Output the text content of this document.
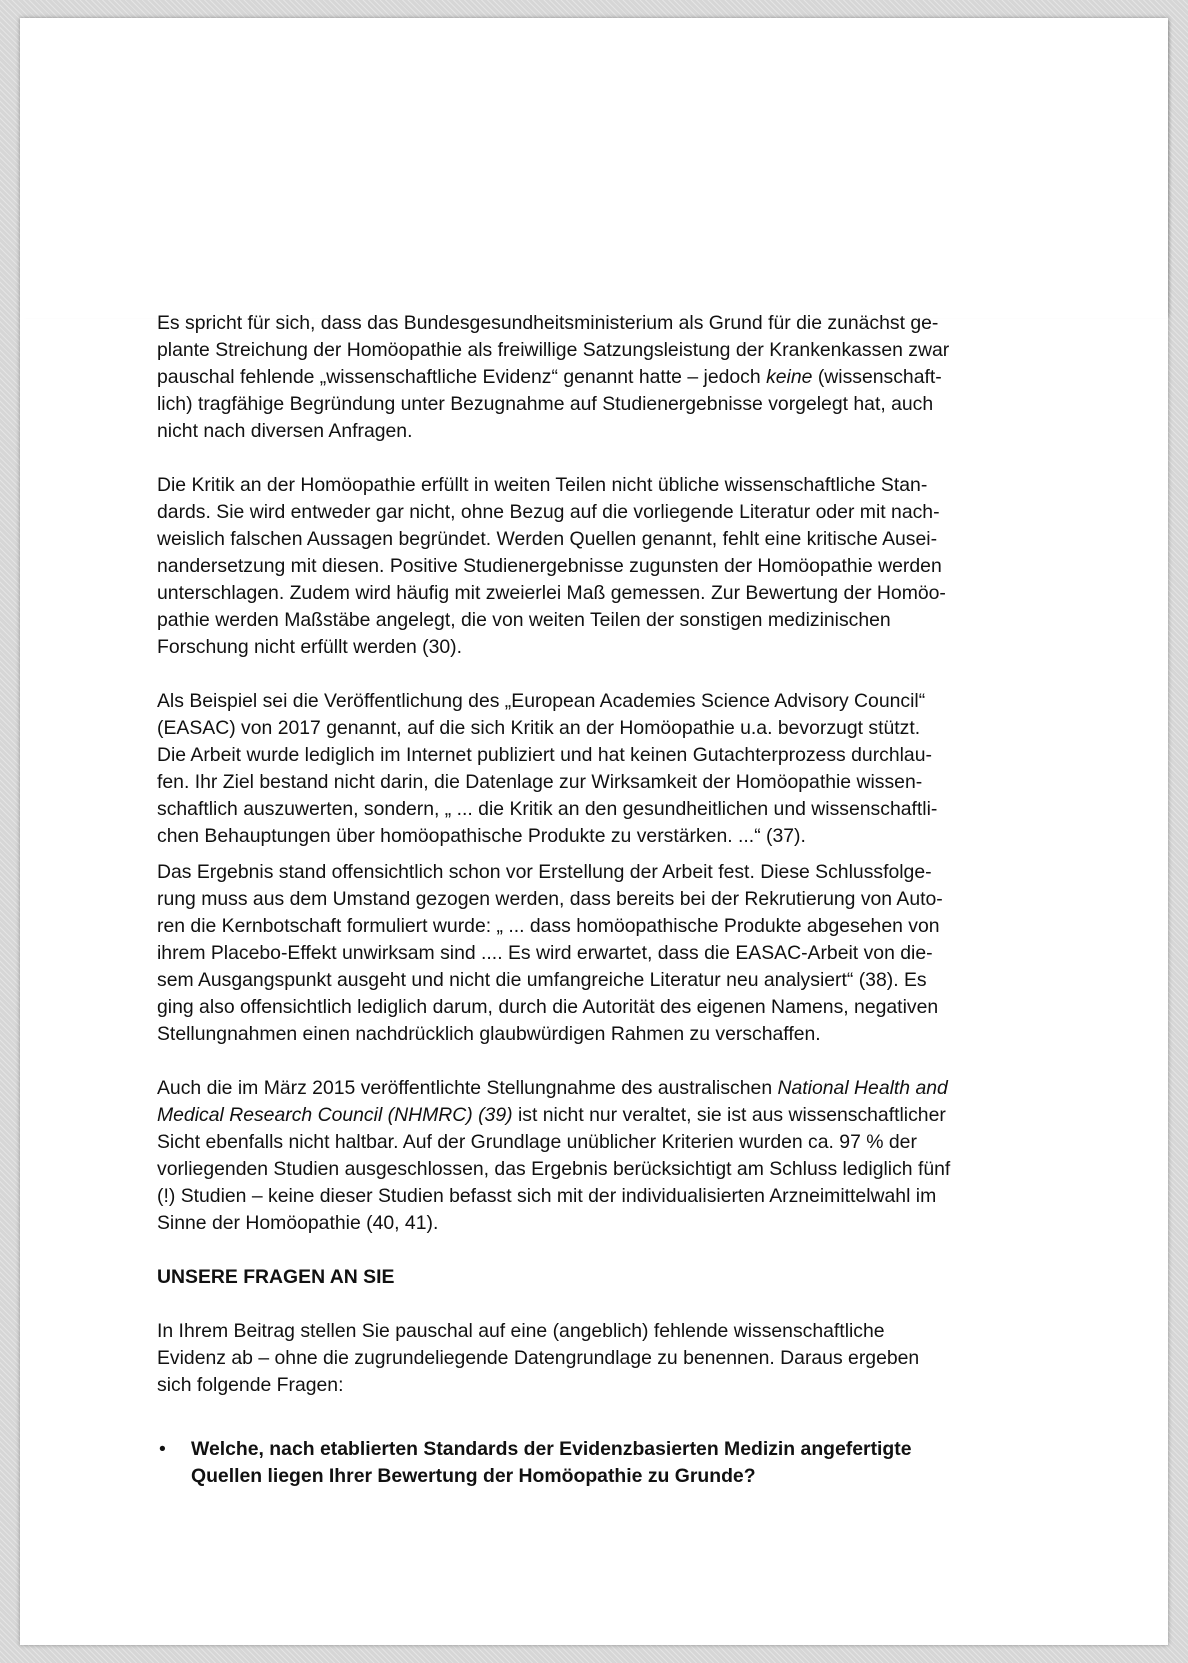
Es spricht für sich, dass das Bundesgesundheitsministerium als Grund für die zunächst ge-
plante Streichung der Homöopathie als freiwillige Satzungsleistung der Krankenkassen zwar
pauschal fehlende „wissenschaftliche Evidenz“ genannt hatte – jedoch keine (wissenschaft-
lich) tragfähige Begründung unter Bezugnahme auf Studienergebnisse vorgelegt hat, auch
nicht nach diversen Anfragen.

Die Kritik an der Homöopathie erfüllt in weiten Teilen nicht übliche wissenschaftliche Stan-
dards. Sie wird entweder gar nicht, ohne Bezug auf die vorliegende Literatur oder mit nach-
weislich falschen Aussagen begründet. Werden Quellen genannt, fehlt eine kritische Ausei-
nandersetzung mit diesen. Positive Studienergebnisse zugunsten der Homöopathie werden
unterschlagen. Zudem wird häufig mit zweierlei Maß gemessen. Zur Bewertung der Homöo-
pathie werden Maßstäbe angelegt, die von weiten Teilen der sonstigen medizinischen
Forschung nicht erfüllt werden (30).

Als Beispiel sei die Veröffentlichung des „European Academies Science Advisory Council“
(EASAC) von 2017 genannt, auf die sich Kritik an der Homöopathie u.a. bevorzugt stützt.
Die Arbeit wurde lediglich im Internet publiziert und hat keinen Gutachterprozess durchlau-
fen. Ihr Ziel bestand nicht darin, die Datenlage zur Wirksamkeit der Homöopathie wissen-
schaftlich auszuwerten, sondern, „ ... die Kritik an den gesundheitlichen und wissenschaftli-
chen Behauptungen über homöopathische Produkte zu verstärken. ...“ (37).

Das Ergebnis stand offensichtlich schon vor Erstellung der Arbeit fest. Diese Schlussfolge-
rung muss aus dem Umstand gezogen werden, dass bereits bei der Rekrutierung von Auto-
ren die Kernbotschaft formuliert wurde: „ ... dass homöopathische Produkte abgesehen von
ihrem Placebo-Effekt unwirksam sind .... Es wird erwartet, dass die EASAC-Arbeit von die-
sem Ausgangspunkt ausgeht und nicht die umfangreiche Literatur neu analysiert“ (38). Es
ging also offensichtlich lediglich darum, durch die Autorität des eigenen Namens, negativen
Stellungnahmen einen nachdrücklich glaubwürdigen Rahmen zu verschaffen.

Auch die im März 2015 veröffentlichte Stellungnahme des australischen National Health and
Medical Research Council (NHMRC) (39) ist nicht nur veraltet, sie ist aus wissenschaftlicher
Sicht ebenfalls nicht haltbar. Auf der Grundlage unüblicher Kriterien wurden ca. 97 % der
vorliegenden Studien ausgeschlossen, das Ergebnis berücksichtigt am Schluss lediglich fünf
(!) Studien – keine dieser Studien befasst sich mit der individualisierten Arzneimittelwahl im
Sinne der Homöopathie (40, 41).

UNSERE FRAGEN AN SIE

In Ihrem Beitrag stellen Sie pauschal auf eine (angeblich) fehlende wissenschaftliche
Evidenz ab – ohne die zugrundeliegende Datengrundlage zu benennen. Daraus ergeben
sich folgende Fragen:

• Welche, nach etablierten Standards der Evidenzbasierten Medizin angefertigte
Quellen liegen Ihrer Bewertung der Homöopathie zu Grunde?
